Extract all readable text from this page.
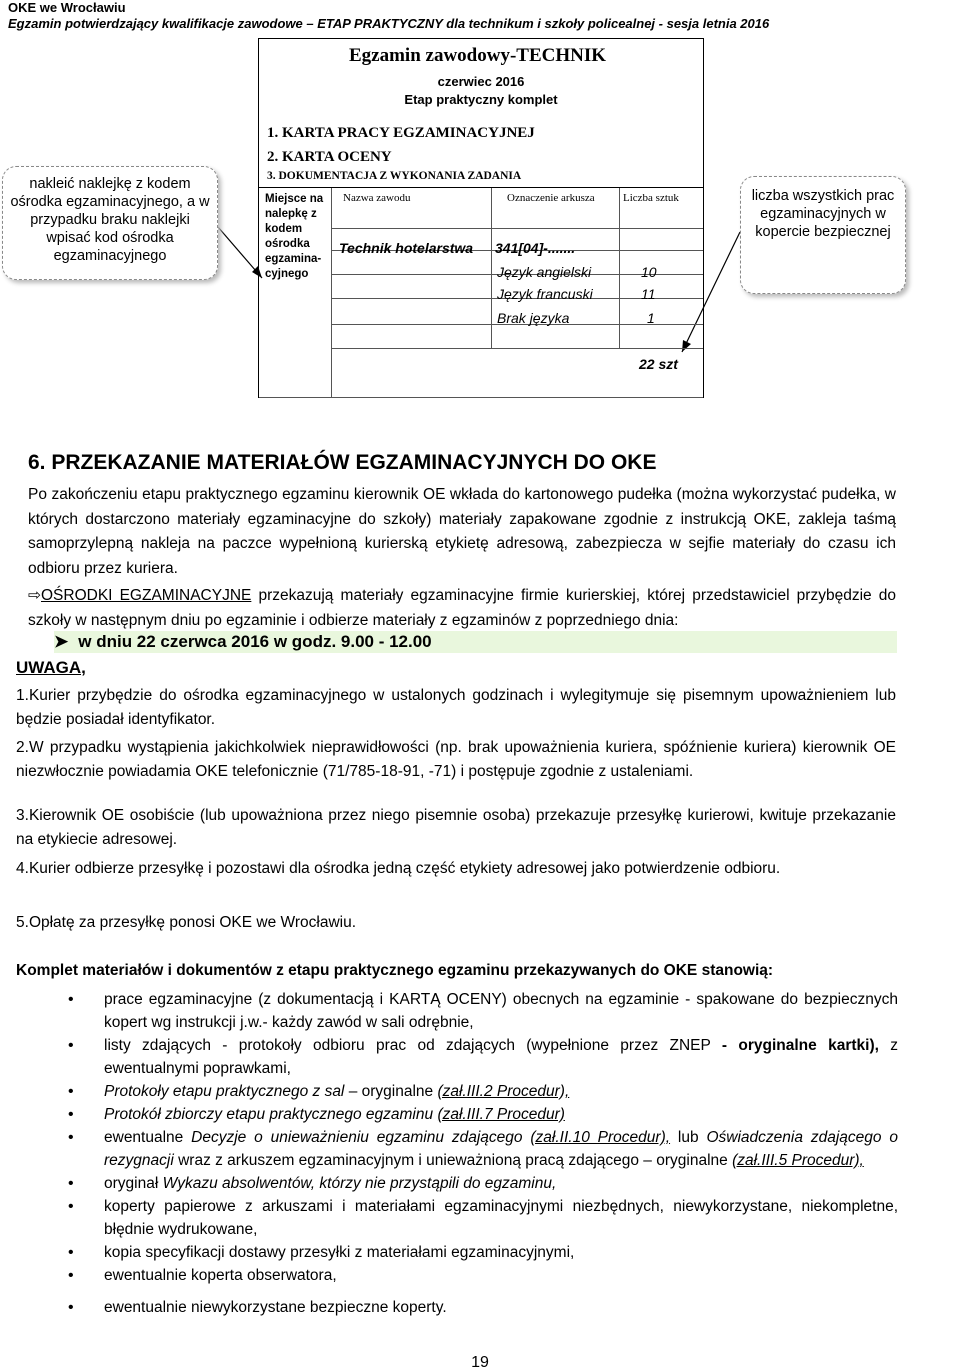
OKE we Wrocławiu
Egzamin potwierdzający kwalifikacje zawodowe – ETAP PRAKTYCZNY dla technikum i szkoły policealnej - sesja letnia 2016
nakleić naklejkę z kodem ośrodka egzaminacyjnego, a w przypadku braku naklejki wpisać kod ośrodka egzaminacyjnego
liczba wszystkich prac egzaminacyjnych w kopercie bezpiecznej
Egzamin zawodowy-TECHNIK
czerwiec 2016
Etap praktyczny komplet
1. KARTA PRACY EGZAMINACYJNEJ
2. KARTA OCENY
3. DOKUMENTACJA Z WYKONANIA ZADANIA
Miejsce na nalepkę z kodem ośrodka egzamina-cyjnego
Nazwa zawodu	Oznaczenie arkusza	Liczba sztuk
Technik hotelarstwa 341[04]-.......
Język angielski	10
Język francuski	11
Brak języka	1
22 szt
6. PRZEKAZANIE MATERIAŁÓW EGZAMINACYJNYCH DO OKE
Po zakończeniu etapu praktycznego egzaminu kierownik OE wkłada do kartonowego pudełka (można wykorzystać pudełka, w których dostarczono materiały egzaminacyjne do szkoły) materiały zapakowane zgodnie z instrukcją OKE, zakleja taśmą samoprzylepną nakleja na paczce wypełnioną kurierską etykietę adresową, zabezpiecza w sejfie materiały do czasu ich odbioru przez kuriera.
⇨OŚRODKI EGZAMINACYJNE przekazują materiały egzaminacyjne firmie kurierskiej, której przedstawiciel przybędzie do szkoły w następnym dniu po egzaminie i odbierze materiały z egzaminów z poprzedniego dnia:
➤ w dniu 22 czerwca 2016 w godz. 9.00 - 12.00
UWAGA,
1.Kurier przybędzie do ośrodka egzaminacyjnego w ustalonych godzinach i wylegitymuje się pisemnym upoważnieniem lub będzie posiadał identyfikator.
2.W przypadku wystąpienia jakichkolwiek nieprawidłowości (np. brak upoważnienia kuriera, spóźnienie kuriera) kierownik OE niezwłocznie powiadamia OKE telefonicznie (71/785-18-91, -71) i postępuje zgodnie z ustaleniami.
3.Kierownik OE osobiście (lub upoważniona przez niego pisemnie osoba) przekazuje przesyłkę kurierowi, kwituje przekazanie na etykiecie adresowej.
4.Kurier odbierze przesyłkę i pozostawi dla ośrodka jedną część etykiety adresowej jako potwierdzenie odbioru.
5.Opłatę za przesyłkę ponosi OKE we Wrocławiu.
Komplet materiałów i dokumentów z etapu praktycznego egzaminu przekazywanych do OKE stanowią:
• prace egzaminacyjne (z dokumentacją i KARTĄ OCENY) obecnych na egzaminie - spakowane do bezpiecznych kopert wg instrukcji j.w.- każdy zawód w sali odrębnie,
• listy zdających - protokoły odbioru prac od zdających (wypełnione przez ZNEP - oryginalne kartki), z ewentualnymi poprawkami,
• Protokoły etapu praktycznego z sal – oryginalne (zał.III.2 Procedur),
• Protokół zbiorczy etapu praktycznego egzaminu (zał.III.7 Procedur)
• ewentualne Decyzje o unieważnieniu egzaminu zdającego (zał.II.10 Procedur), lub Oświadczenia zdającego o rezygnacji wraz z arkuszem egzaminacyjnym i unieważnioną pracą zdającego – oryginalne (zał.III.5 Procedur),
• oryginał Wykazu absolwentów, którzy nie przystąpili do egzaminu,
• koperty papierowe z arkuszami i materiałami egzaminacyjnymi niezbędnych, niewykorzystane, niekompletne, błędnie wydrukowane,
• kopia specyfikacji dostawy przesyłki z materiałami egzaminacyjnymi,
• ewentualnie koperta obserwatora,
• ewentualnie niewykorzystane bezpieczne koperty.
19
